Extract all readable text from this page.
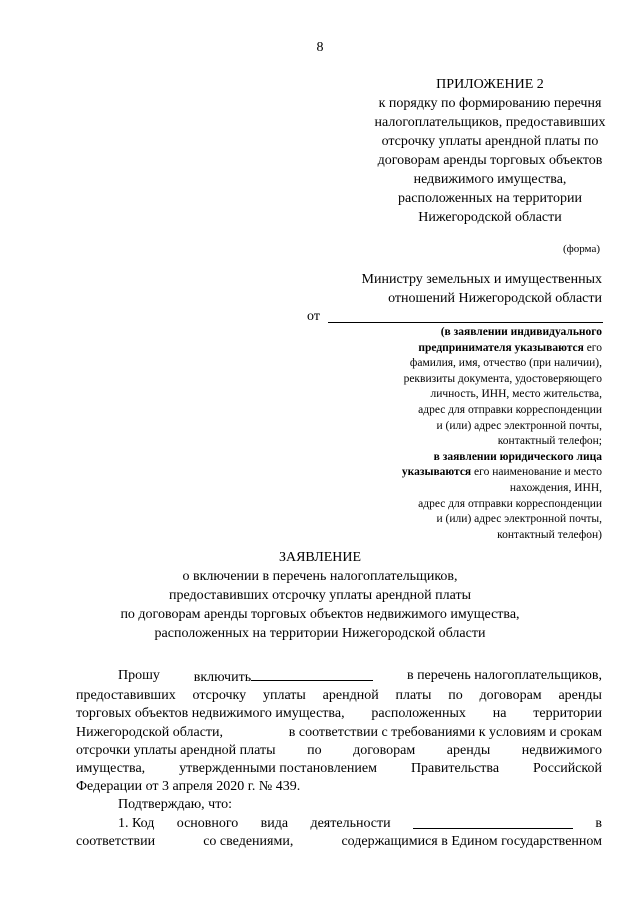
8
ПРИЛОЖЕНИЕ 2
к порядку по формированию перечня
налогоплательщиков, предоставивших
отсрочку уплаты арендной платы по
договорам аренды торговых объектов
недвижимого имущества,
расположенных на территории
Нижегородской области
(форма)
Министру земельных и имущественных
отношений Нижегородской области
от
(в заявлении индивидуального
предпринимателя указываются его
фамилия, имя, отчество (при наличии),
реквизиты документа, удостоверяющего
личность, ИНН, место жительства,
адрес для отправки корреспонденции
и (или) адрес электронной почты,
контактный телефон;
в заявлении юридического лица
указываются его наименование и место
нахождения, ИНН,
адрес для отправки корреспонденции
и (или) адрес электронной почты,
контактный телефон)
ЗАЯВЛЕНИЕ
о включении в перечень налогоплательщиков,
предоставивших отсрочку уплаты арендной платы
по договорам аренды торговых объектов недвижимого имущества,
расположенных на территории Нижегородской области
Прошу включить	в перечень налогоплательщиков,
предоставивших отсрочку уплаты арендной платы по договорам аренды
торговых объектов недвижимого имущества, расположенных на территории
Нижегородской области,	в соответствии с требованиями к условиям и срокам
отсрочки уплаты арендной платы по договорам аренды недвижимого
имущества, утвержденными постановлением Правительства Российской
Федерации от 3 апреля 2020 г. № 439.
Подтверждаю, что:
1. Код основного вида деятельности	в
соответствии	со сведениями,	содержащимися в Едином государственном
